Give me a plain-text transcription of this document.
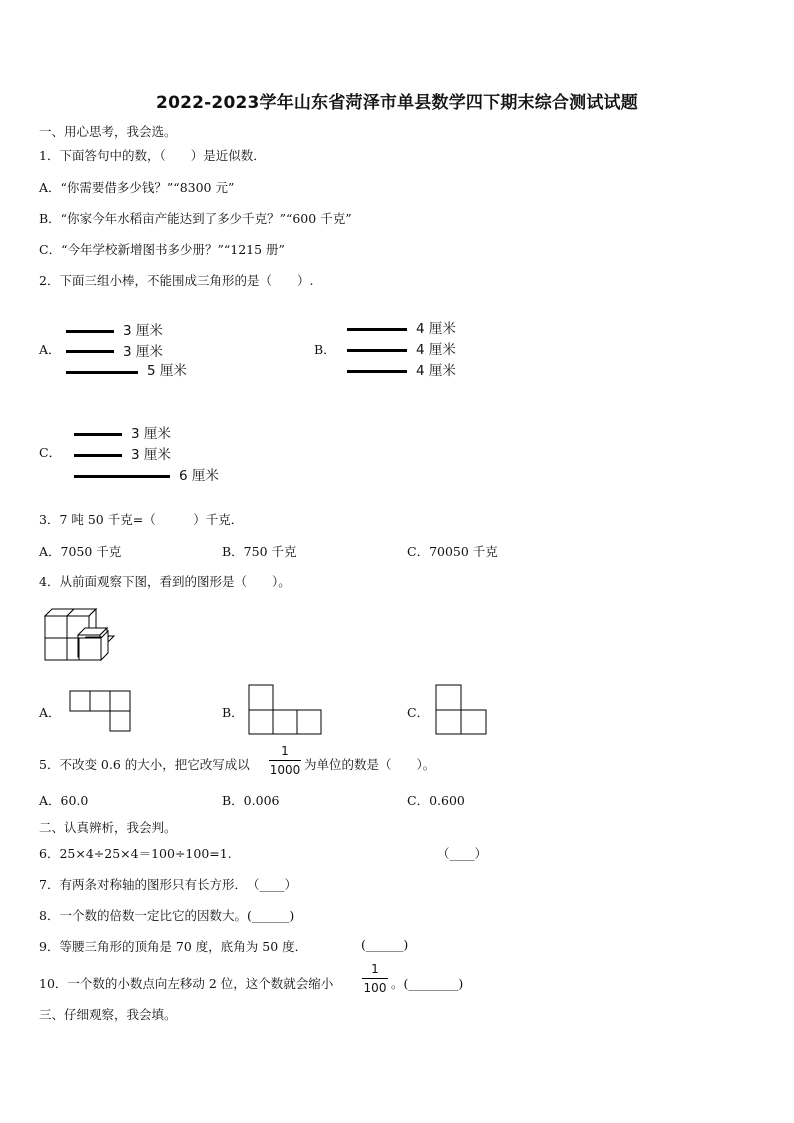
2022-2023学年山东省菏泽市单县数学四下期末综合测试试题
一、用心思考，我会选。
1．下面答句中的数，（　　）是近似数．
A．“你需要借多少钱？”“8300 元”
B．“你家今年水稻亩产能达到了多少千克？”“600 千克”
C．“今年学校新增图书多少册？”“1215 册”
2．下面三组小棒，不能围成三角形的是（　　）.
A．
3 厘米
3 厘米
5 厘米
B．
4 厘米
4 厘米
4 厘米
C．
3 厘米
3 厘米
6 厘米
3．7 吨 50 千克=（　　　）千克．
A．7050 千克	B．750 千克	C．70050 千克
4．从前面观察下图，看到的图形是（　　）。
A．	B．	C．
5．不改变 0.6 的大小，把它改写成以
1
1000 为单位的数是（　　）。
A．60.0	B．0.006	C．0.600
二、认真辨析，我会判。
6．25×4÷25×4＝100÷100=1.	（____）
7．有两条对称轴的图形只有长方形．　（____）
8．一个数的倍数一定比它的因数大。(______)
9．等腰三角形的顶角是 70 度，底角为 50 度．	(______)
10．一个数的小数点向左移动 2 位，这个数就会缩小
1
100 。(________)
三、仔细观察，我会填。
